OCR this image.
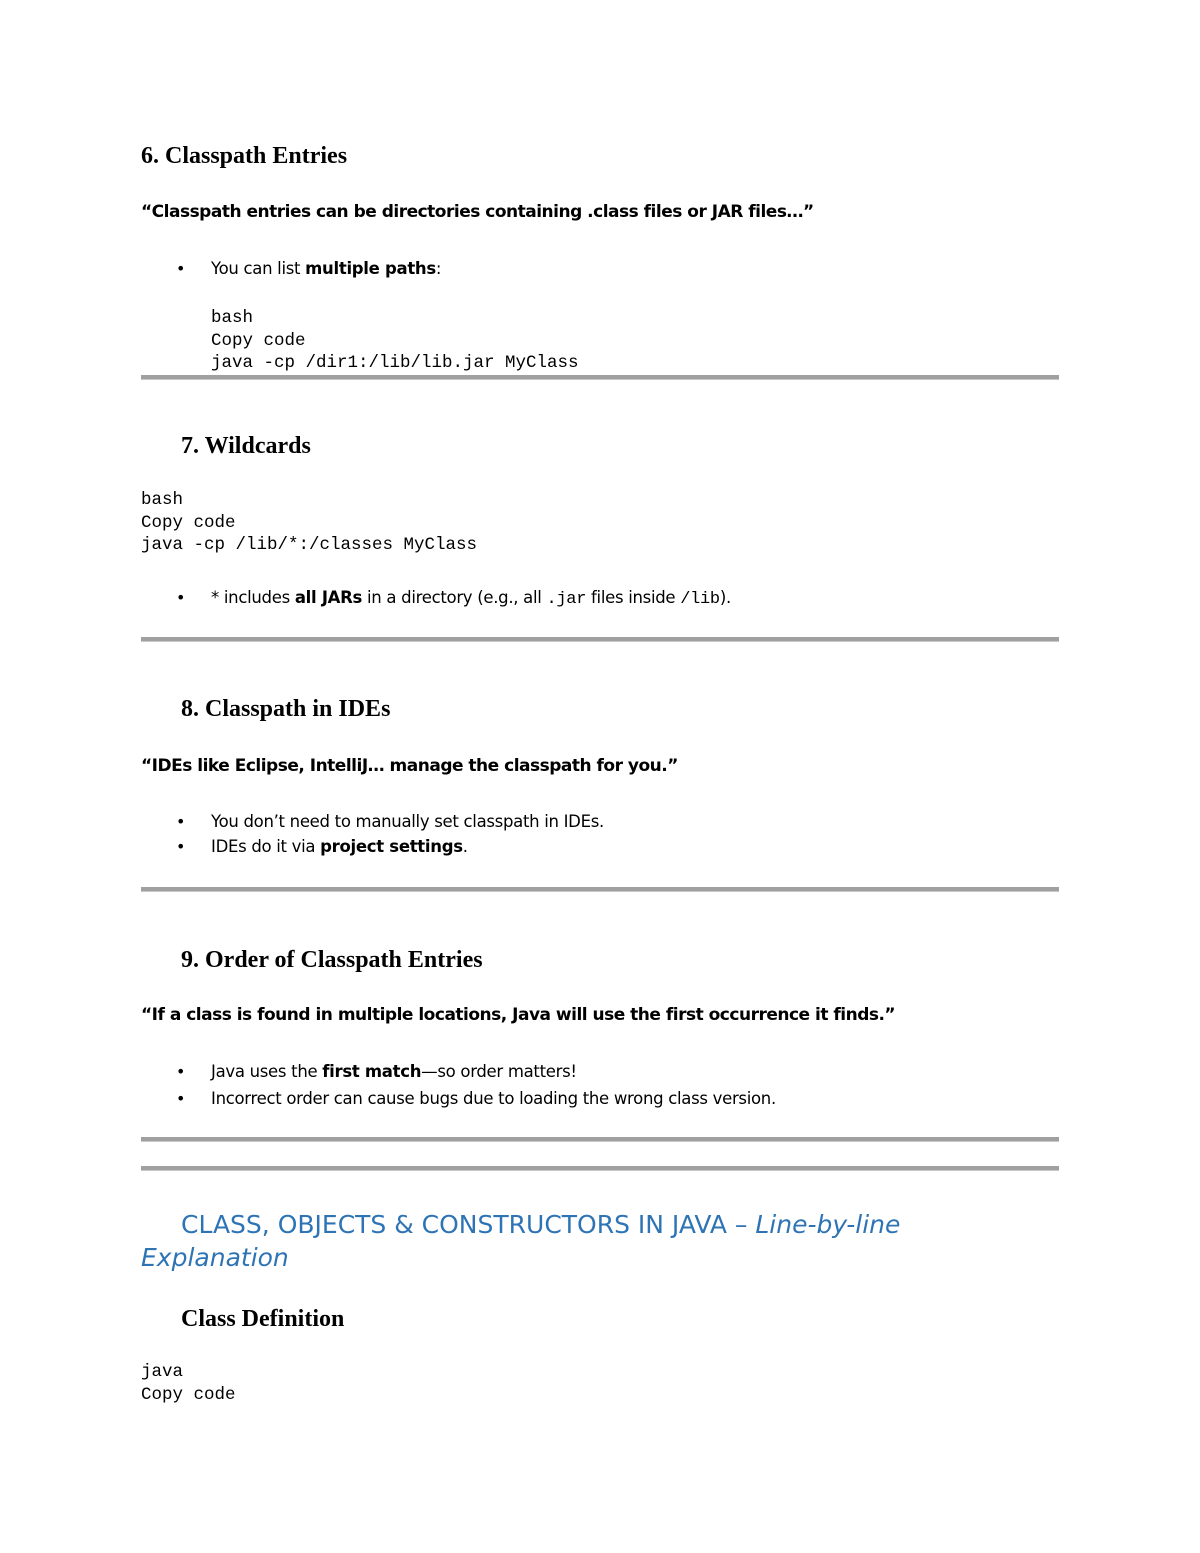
6. Classpath Entries

“Classpath entries can be directories containing .class files or JAR files…”

• You can list multiple paths:
bash
Copy code
java -cp /dir1:/lib/lib.jar MyClass
7. Wildcards
bash
Copy code
java -cp /lib/*:/classes MyClass
• * includes all JARs in a directory (e.g., all .jar files inside /lib).
8. Classpath in IDEs

“IDEs like Eclipse, IntelliJ… manage the classpath for you.”

• You don’t need to manually set classpath in IDEs.
• IDEs do it via project settings.
9. Order of Classpath Entries

“If a class is found in multiple locations, Java will use the first occurrence it finds.”

• Java uses the first match—so order matters!
• Incorrect order can cause bugs due to loading the wrong class version.
CLASS, OBJECTS & CONSTRUCTORS IN JAVA – Line-by-line
Explanation
Class Definition
java
Copy code
